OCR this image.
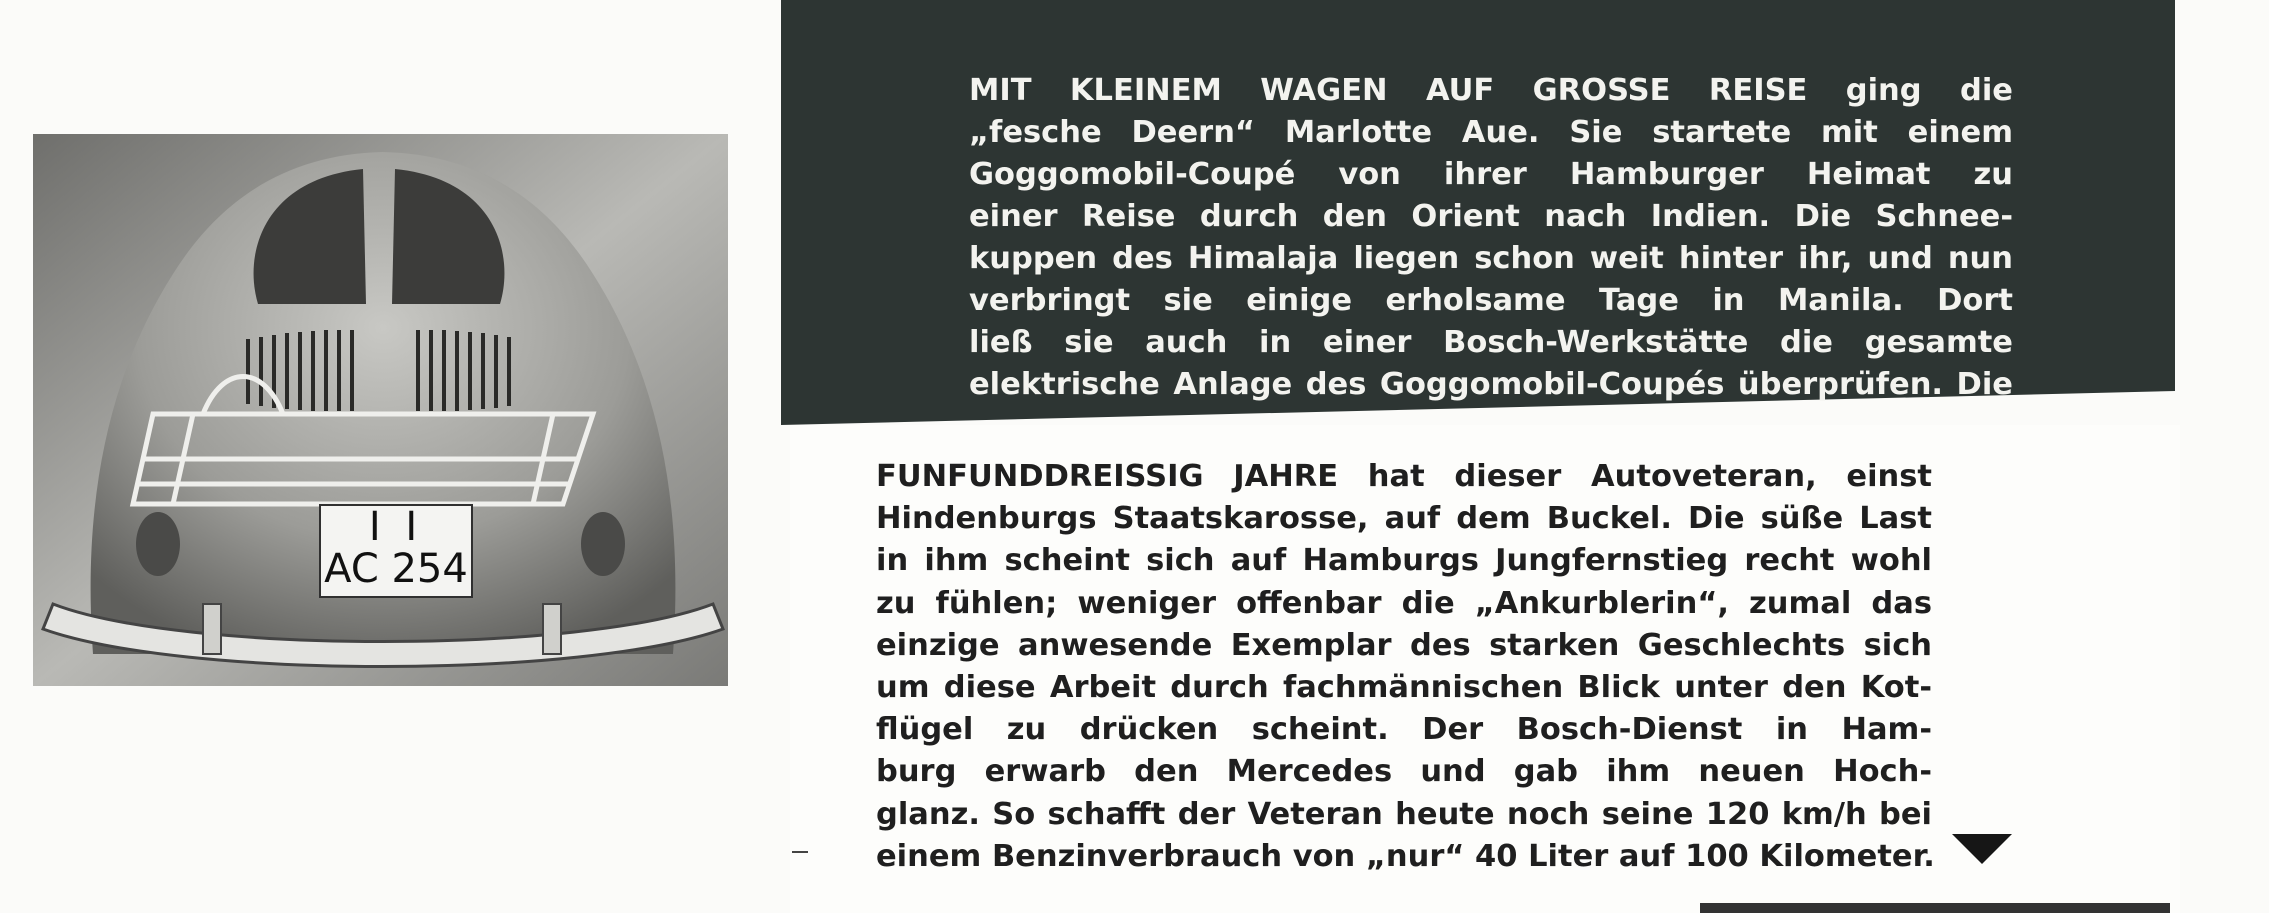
I I
AC 254
MIT KLEINEM WAGEN AUF GROSSE REISE ging die
„fesche Deern“ Marlotte Aue. Sie startete mit einem
Goggomobil-Coupé von ihrer Hamburger Heimat zu
einer Reise durch den Orient nach Indien. Die Schnee-
kuppen des Himalaja liegen schon weit hinter ihr, und nun
verbringt sie einige erholsame Tage in Manila. Dort
ließ sie auch in einer Bosch-Werkstätte die gesamte
elektrische Anlage des Goggomobil-Coupés überprüfen. Die
FUNFUNDDREISSIG JAHRE hat dieser Autoveteran, einst
Hindenburgs Staatskarosse, auf dem Buckel. Die süße Last
in ihm scheint sich auf Hamburgs Jungfernstieg recht wohl
zu fühlen; weniger offenbar die „Ankurblerin“, zumal das
einzige anwesende Exemplar des starken Geschlechts sich
um diese Arbeit durch fachmännischen Blick unter den Kot-
flügel zu drücken scheint. Der Bosch-Dienst in Ham-
burg erwarb den Mercedes und gab ihm neuen Hoch-
glanz. So schafft der Veteran heute noch seine 120 km/h bei
einem Benzinverbrauch von „nur“ 40 Liter auf 100 Kilometer.
